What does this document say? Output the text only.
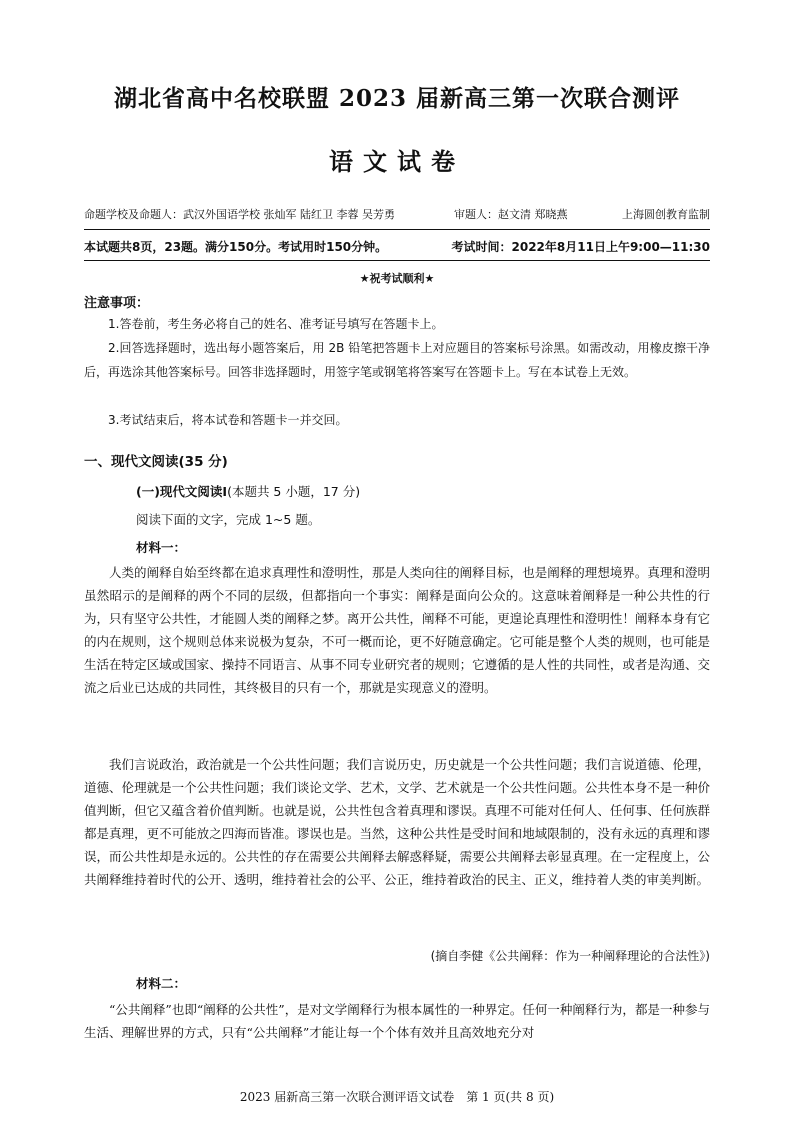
湖北省高中名校联盟 2023 届新高三第一次联合测评
语文试卷
命题学校及命题人：武汉外国语学校 张灿军 陆红卫 李蓉 吴芳勇	审题人：赵文清 郑晓燕	上海圆创教育监制
本试题共8页，23题。满分150分。考试用时150分钟。	考试时间：2022年8月11日上午9:00—11:30
★祝考试顺利★
注意事项：
1.答卷前，考生务必将自己的姓名、准考证号填写在答题卡上。
2.回答选择题时，选出每小题答案后，用 2B 铅笔把答题卡上对应题目的答案标号涂黑。如需改动，用橡皮擦干净后，再选涂其他答案标号。回答非选择题时，用签字笔或钢笔将答案写在答题卡上。写在本试卷上无效。
3.考试结束后，将本试卷和答题卡一并交回。
一、现代文阅读(35 分)
(一)现代文阅读Ⅰ(本题共 5 小题，17 分)
阅读下面的文字，完成 1~5 题。
材料一：
人类的阐释自始至终都在追求真理性和澄明性，那是人类向往的阐释目标，也是阐释的理想境界。真理和澄明虽然昭示的是阐释的两个不同的层级，但都指向一个事实：阐释是面向公众的。这意味着阐释是一种公共性的行为，只有坚守公共性，才能圆人类的阐释之梦。离开公共性，阐释不可能，更遑论真理性和澄明性！阐释本身有它的内在规则，这个规则总体来说极为复杂，不可一概而论，更不好随意确定。它可能是整个人类的规则，也可能是生活在特定区域或国家、操持不同语言、从事不同专业研究者的规则；它遵循的是人性的共同性，或者是沟通、交流之后业已达成的共同性，其终极目的只有一个，那就是实现意义的澄明。
我们言说政治，政治就是一个公共性问题；我们言说历史，历史就是一个公共性问题；我们言说道德、伦理，道德、伦理就是一个公共性问题；我们谈论文学、艺术，文学、艺术就是一个公共性问题。公共性本身不是一种价值判断，但它又蕴含着价值判断。也就是说，公共性包含着真理和谬误。真理不可能对任何人、任何事、任何族群都是真理，更不可能放之四海而皆准。谬误也是。当然，这种公共性是受时间和地域限制的，没有永远的真理和谬误，而公共性却是永远的。公共性的存在需要公共阐释去解惑释疑，需要公共阐释去彰显真理。在一定程度上，公共阐释维持着时代的公开、透明，维持着社会的公平、公正，维持着政治的民主、正义，维持着人类的审美判断。
(摘自李健《公共阐释：作为一种阐释理论的合法性》)
材料二：
“公共阐释”也即“阐释的公共性”，是对文学阐释行为根本属性的一种界定。任何一种阐释行为，都是一种参与生活、理解世界的方式，只有“公共阐释”才能让每一个个体有效并且高效地充分对
2023 届新高三第一次联合测评语文试卷　第 1 页(共 8 页)
